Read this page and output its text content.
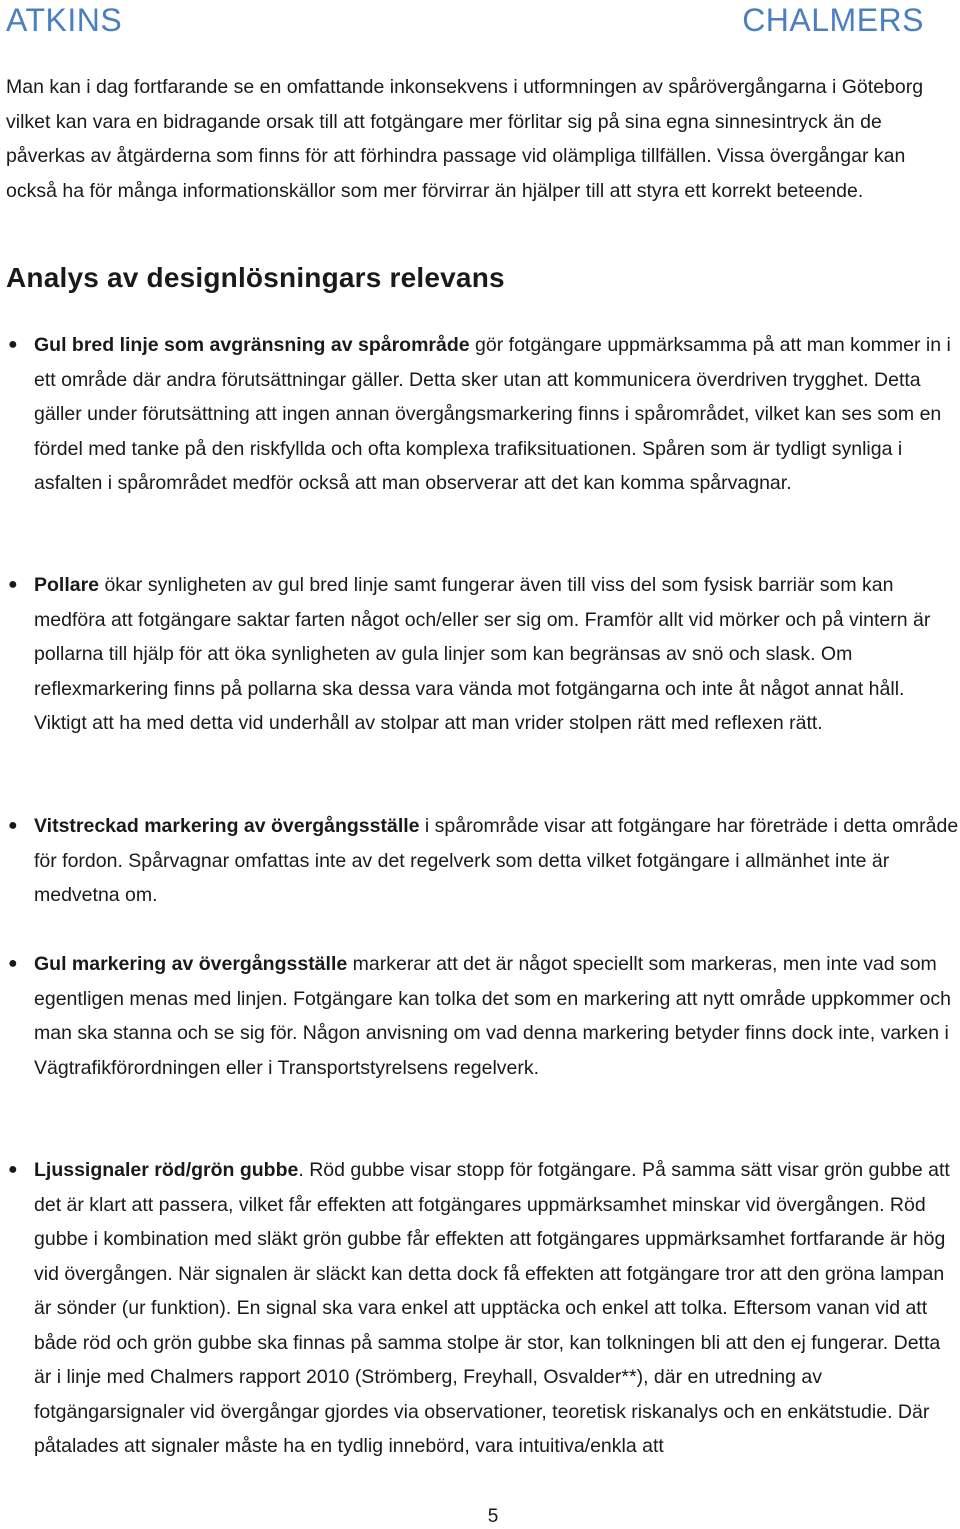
ATKINS	CHALMERS

Man kan i dag fortfarande se en omfattande inkonsekvens i utformningen av spårövergångarna i Göteborg vilket kan vara en bidragande orsak till att fotgängare mer förlitar sig på sina egna sinnesintryck än de påverkas av åtgärderna som finns för att förhindra passage vid olämpliga tillfällen. Vissa övergångar kan också ha för många informationskällor som mer förvirrar än hjälper till att styra ett korrekt beteende.

Analys av designlösningars relevans
● Gul bred linje som avgränsning av spårområde gör fotgängare uppmärksamma på att man kommer in i ett område där andra förutsättningar gäller. Detta sker utan att kommunicera överdriven trygghet. Detta gäller under förutsättning att ingen annan övergångsmarkering finns i spårområdet, vilket kan ses som en fördel med tanke på den riskfyllda och ofta komplexa trafiksituationen. Spåren som är tydligt synliga i asfalten i spårområdet medför också att man observerar att det kan komma spårvagnar.

● Pollare ökar synligheten av gul bred linje samt fungerar även till viss del som fysisk barriär som kan medföra att fotgängare saktar farten något och/eller ser sig om. Framför allt vid mörker och på vintern är pollarna till hjälp för att öka synligheten av gula linjer som kan begränsas av snö och slask. Om reflexmarkering finns på pollarna ska dessa vara vända mot fotgängarna och inte åt något annat håll. Viktigt att ha med detta vid underhåll av stolpar att man vrider stolpen rätt med reflexen rätt.

● Vitstreckad markering av övergångsställe i spårområde visar att fotgängare har företräde i detta område för fordon. Spårvagnar omfattas inte av det regelverk som detta vilket fotgängare i allmänhet inte är medvetna om.

● Gul markering av övergångsställe markerar att det är något speciellt som markeras, men inte vad som egentligen menas med linjen. Fotgängare kan tolka det som en markering att nytt område uppkommer och man ska stanna och se sig för. Någon anvisning om vad denna markering betyder finns dock inte, varken i Vägtrafikförordningen eller i Transportstyrelsens regelverk.

● Ljussignaler röd/grön gubbe. Röd gubbe visar stopp för fotgängare. På samma sätt visar grön gubbe att det är klart att passera, vilket får effekten att fotgängares uppmärksamhet minskar vid övergången. Röd gubbe i kombination med släkt grön gubbe får effekten att fotgängares uppmärksamhet fortfarande är hög vid övergången. När signalen är släckt kan detta dock få effekten att fotgängare tror att den gröna lampan är sönder (ur funktion). En signal ska vara enkel att upptäcka och enkel att tolka. Eftersom vanan vid att både röd och grön gubbe ska finnas på samma stolpe är stor, kan tolkningen bli att den ej fungerar. Detta är i linje med Chalmers rapport 2010 (Strömberg, Freyhall, Osvalder**), där en utredning av fotgängarsignaler vid övergångar gjordes via observationer, teoretisk riskanalys och en enkätstudie. Där påtalades att signaler måste ha en tydlig innebörd, vara intuitiva/enkla att

5
